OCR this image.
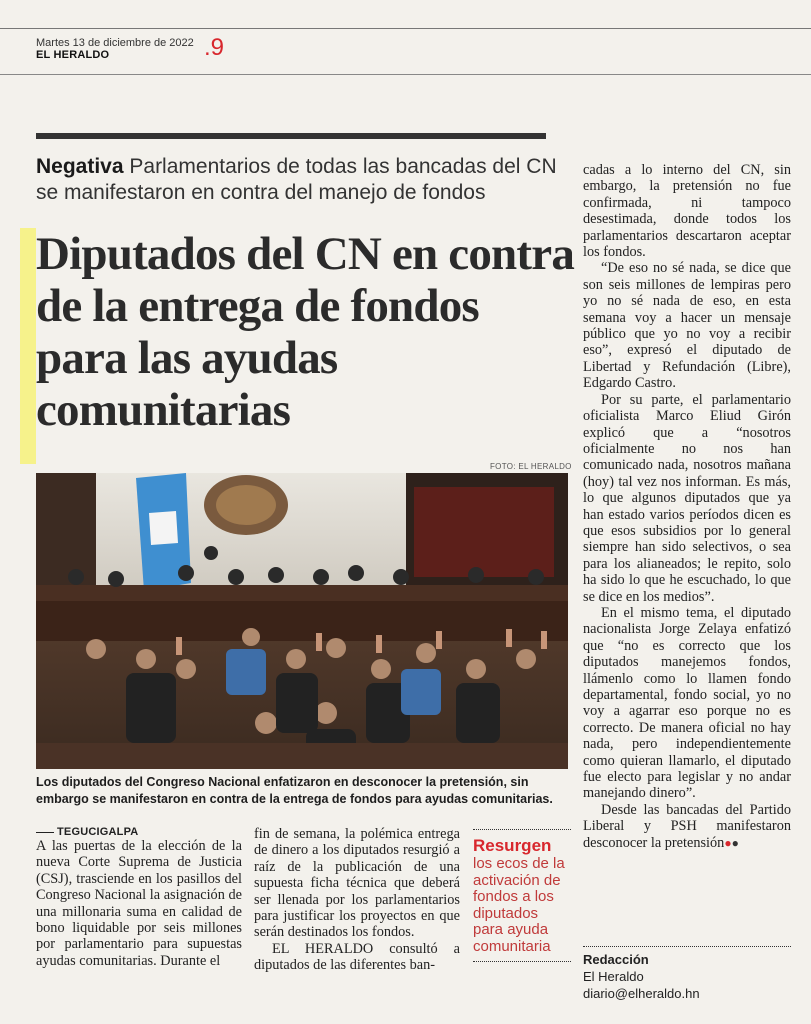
Martes 13 de diciembre de 2022
EL HERALDO	.9
Negativa Parlamentarios de todas las bancadas del CN se manifestaron en contra del manejo de fondos
Diputados del CN en contra de la entrega de fondos para las ayudas comunitarias
FOTO: EL HERALDO
Los diputados del Congreso Nacional enfatizaron en desconocer la pretensión, sin embargo se manifestaron en contra de la entrega de fondos para ayudas comunitarias.
TEGUCIGALPA

A las puertas de la elección de la nueva Corte Suprema de Justicia (CSJ), trasciende en los pasillos del Congreso Nacional la asignación de una millonaria suma en calidad de bono liquidable por seis millones por parlamentario para supuestas ayudas comunitarias. Durante el

fin de semana, la polémica entrega de dinero a los diputados resurgió a raíz de la publicación de una supuesta ficha técnica que deberá ser llenada por los parlamentarios para justificar los proyectos en que serán destinados los fondos.

EL HERALDO consultó a diputados de las diferentes ban-

Resurgen
los ecos de la activación de fondos a los diputados para ayuda comunitaria

cadas a lo interno del CN, sin embargo, la pretensión no fue confirmada, ni tampoco desestimada, donde todos los parlamentarios descartaron aceptar los fondos.

“De eso no sé nada, se dice que son seis millones de lempiras pero yo no sé nada de eso, en esta semana voy a hacer un mensaje público que yo no voy a recibir eso”, expresó el diputado de Libertad y Refundación (Libre), Edgardo Castro.

Por su parte, el parlamentario oficialista Marco Eliud Girón explicó que a “nosotros oficialmente no nos han comunicado nada, nosotros mañana (hoy) tal vez nos informan. Es más, lo que algunos diputados que ya han estado varios períodos dicen es que esos subsidios por lo general siempre han sido selectivos, o sea para los alianeados; le repito, solo ha sido lo que he escuchado, lo que se dice en los medios”.

En el mismo tema, el diputado nacionalista Jorge Zelaya enfatizó que “no es correcto que los diputados manejemos fondos, llámenlo como lo llamen fondo departamental, fondo social, yo no voy a agarrar eso porque no es correcto. De manera oficial no hay nada, pero independientemente como quieran llamarlo, el diputado fue electo para legislar y no andar manejando dinero”.

Desde las bancadas del Partido Liberal y PSH manifestaron desconocer la pretensión●●

Redacción
El Heraldo
diario@elheraldo.hn
